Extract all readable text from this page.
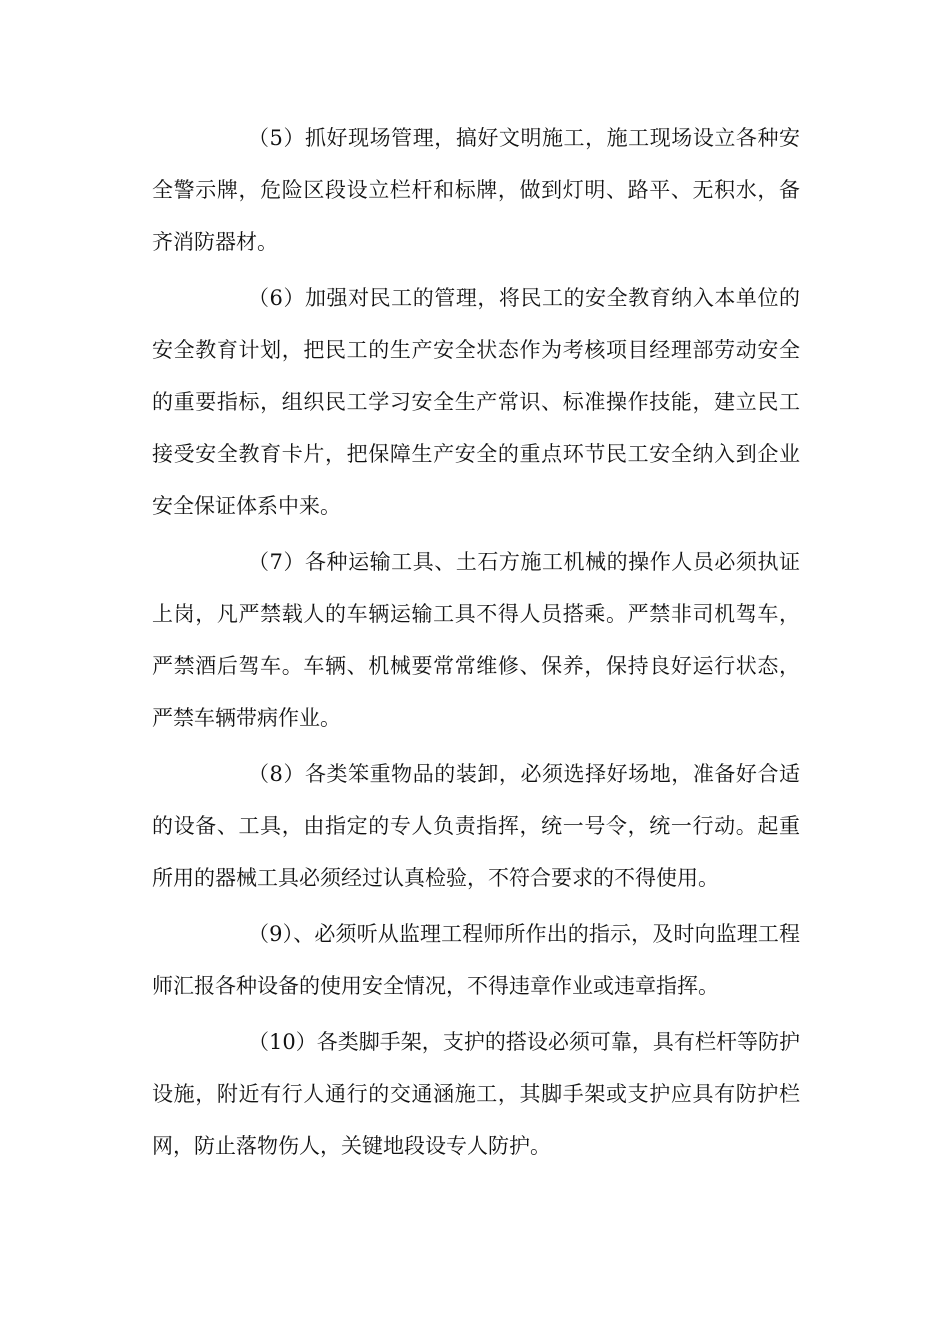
（5）抓好现场管理，搞好文明施工，施工现场设立各种安全警示牌，危险区段设立栏杆和标牌，做到灯明、路平、无积水，备齐消防器材。

（6）加强对民工的管理，将民工的安全教育纳入本单位的安全教育计划，把民工的生产安全状态作为考核项目经理部劳动安全的重要指标，组织民工学习安全生产常识、标准操作技能，建立民工接受安全教育卡片，把保障生产安全的重点环节民工安全纳入到企业安全保证体系中来。

（7）各种运输工具、土石方施工机械的操作人员必须执证上岗，凡严禁载人的车辆运输工具不得人员搭乘。严禁非司机驾车，严禁酒后驾车。车辆、机械要常常维修、保养，保持良好运行状态，严禁车辆带病作业。

（8）各类笨重物品的装卸，必须选择好场地，准备好合适的设备、工具，由指定的专人负责指挥，统一号令，统一行动。起重所用的器械工具必须经过认真检验，不符合要求的不得使用。

（9）、必须听从监理工程师所作出的指示，及时向监理工程师汇报各种设备的使用安全情况，不得违章作业或违章指挥。

（10）各类脚手架，支护的搭设必须可靠，具有栏杆等防护设施，附近有行人通行的交通涵施工，其脚手架或支护应具有防护栏网，防止落物伤人，关键地段设专人防护。
